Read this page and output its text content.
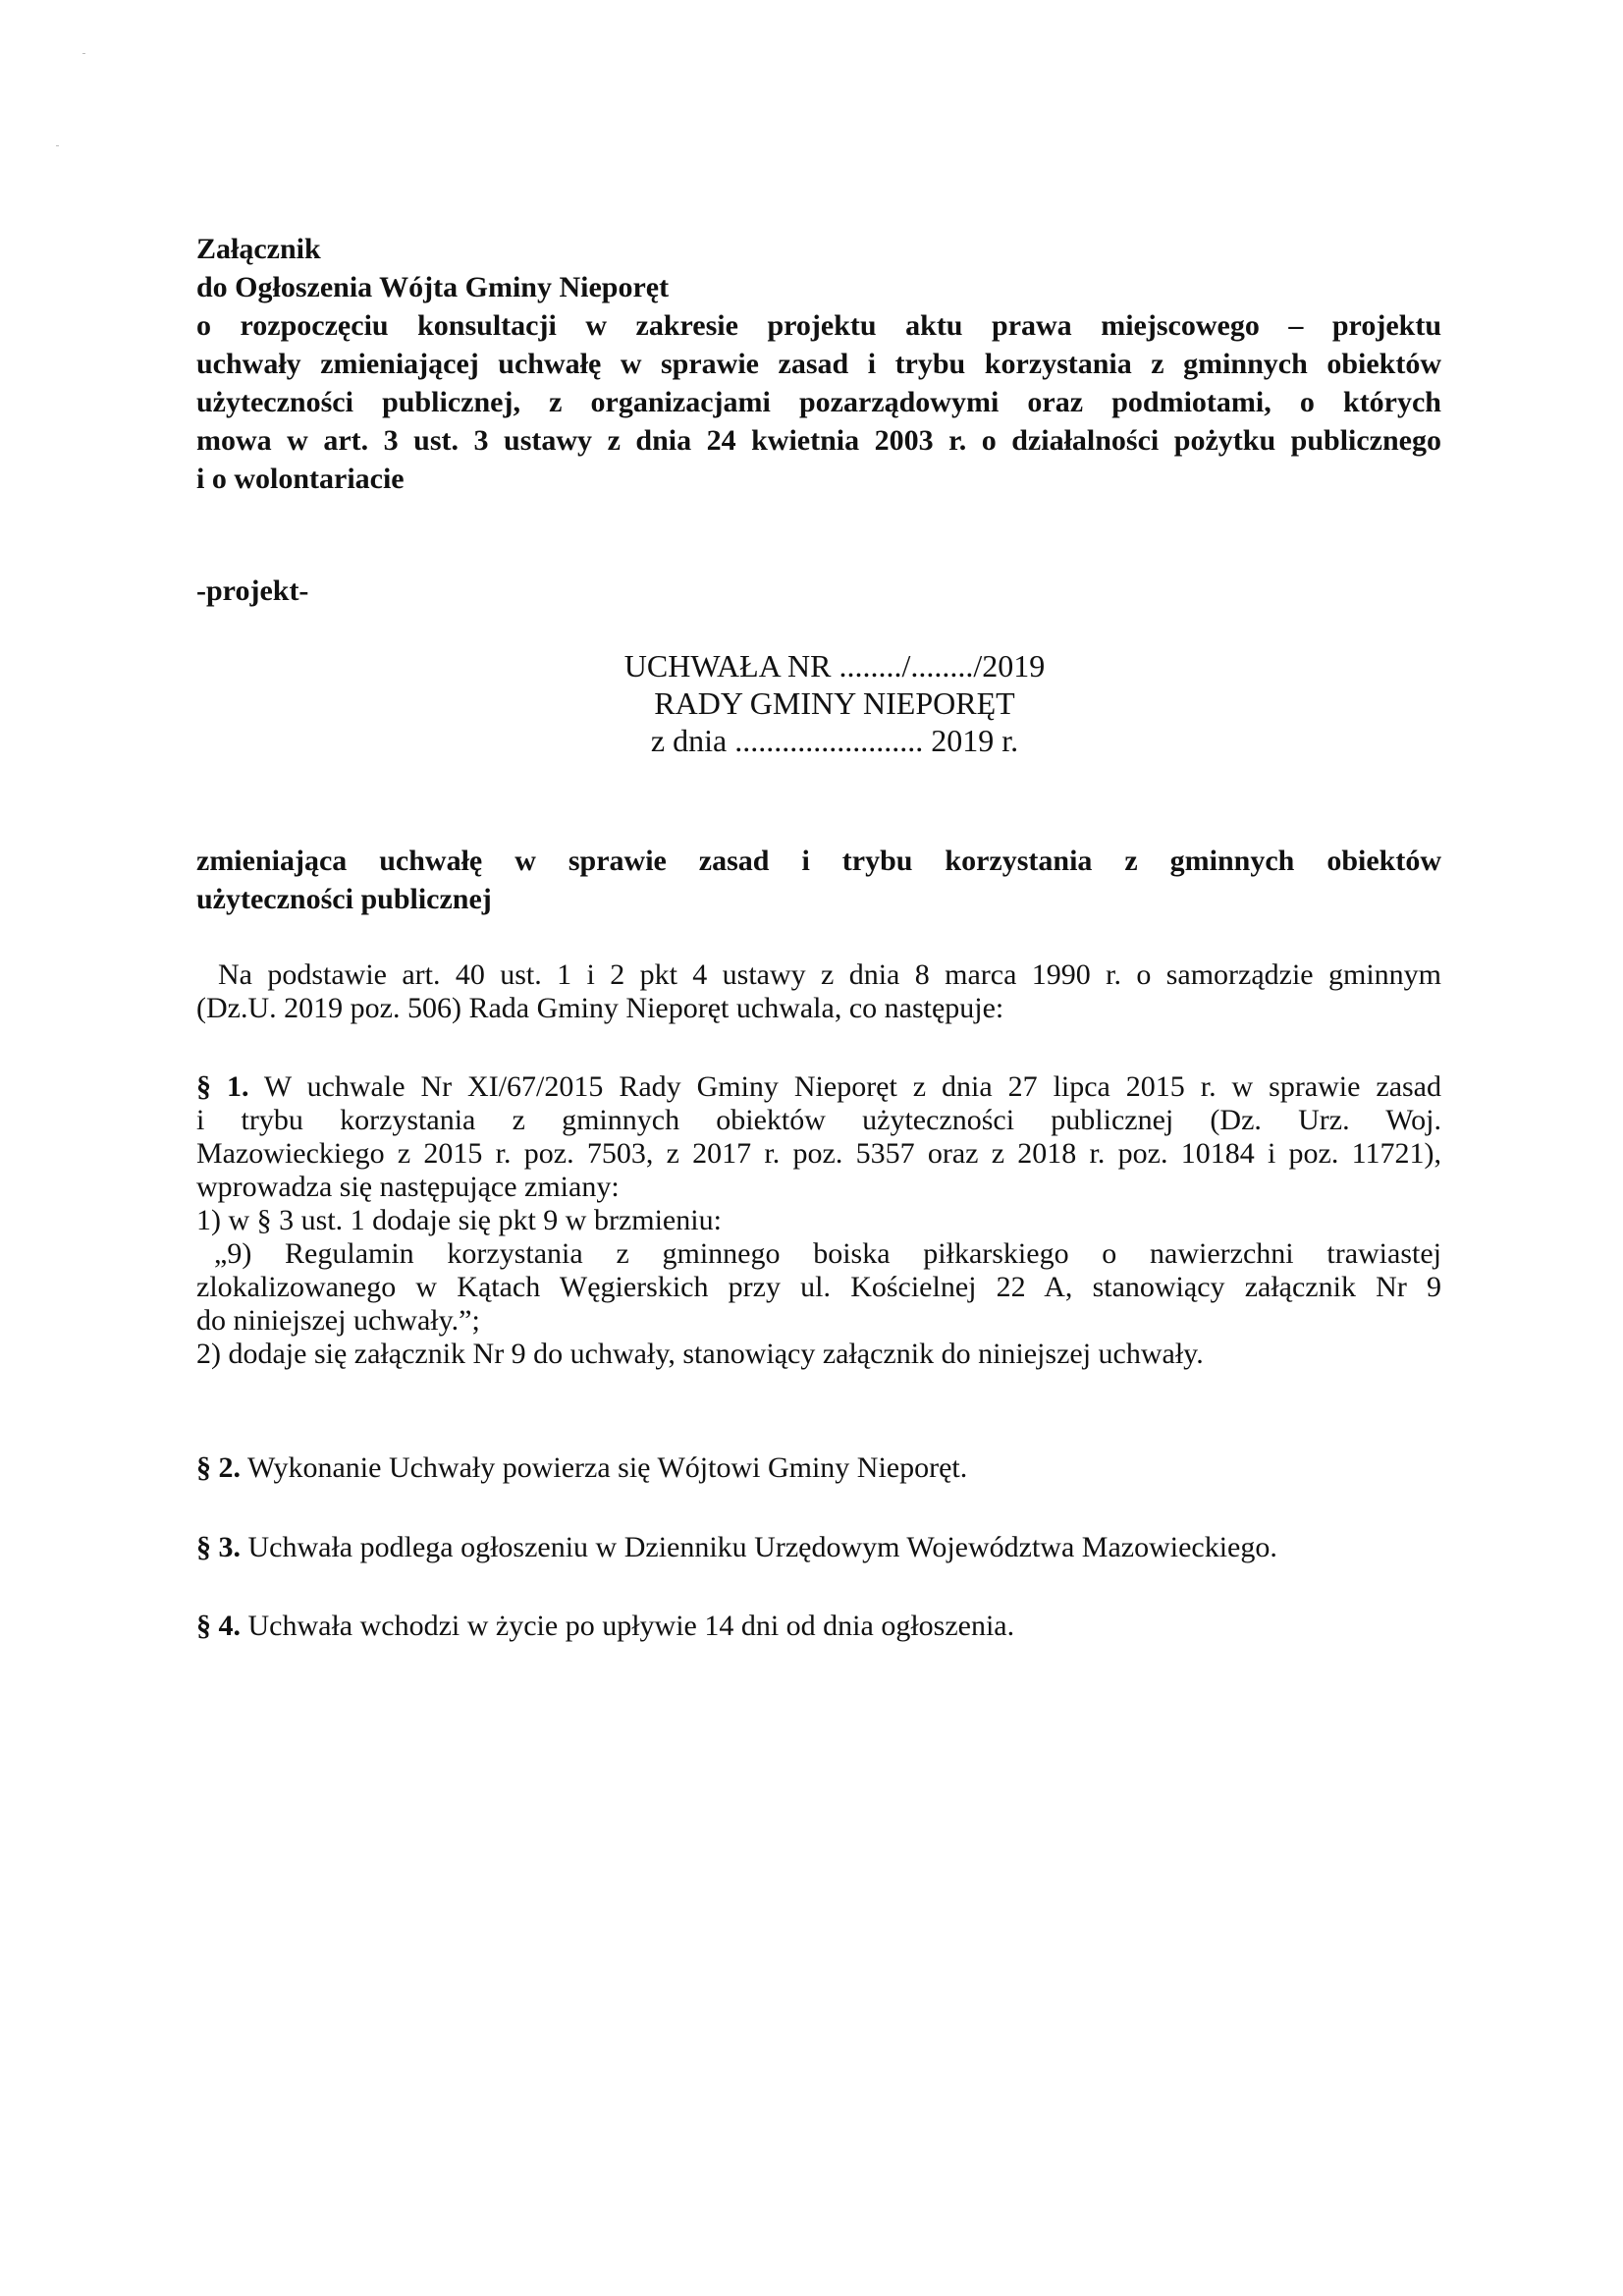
Załącznik
do Ogłoszenia Wójta Gminy Nieporęt
o rozpoczęciu konsultacji w zakresie projektu aktu prawa miejscowego – projektu
uchwały zmieniającej uchwałę w sprawie zasad i trybu korzystania z gminnych obiektów
użyteczności publicznej, z organizacjami pozarządowymi oraz podmiotami, o których
mowa w art. 3 ust. 3 ustawy z dnia 24 kwietnia 2003 r. o działalności pożytku publicznego
i o wolontariacie
-projekt-
UCHWAŁA NR ......../......../2019
RADY GMINY NIEPORĘT
z dnia ........................ 2019 r.
zmieniająca uchwałę w sprawie zasad i trybu korzystania z gminnych obiektów
użyteczności publicznej
Na podstawie art. 40 ust. 1 i 2 pkt 4 ustawy z dnia 8 marca 1990 r. o samorządzie gminnym
(Dz.U. 2019 poz. 506) Rada Gminy Nieporęt uchwala, co następuje:
§ 1. W uchwale Nr XI/67/2015 Rady Gminy Nieporęt z dnia 27 lipca 2015 r. w sprawie zasad
i trybu korzystania z gminnych obiektów użyteczności publicznej (Dz. Urz. Woj.
Mazowieckiego z 2015 r. poz. 7503, z 2017 r. poz. 5357 oraz z 2018 r. poz. 10184 i poz. 11721),
wprowadza się następujące zmiany:
1) w § 3 ust. 1 dodaje się pkt 9 w brzmieniu:
„9) Regulamin korzystania z gminnego boiska piłkarskiego o nawierzchni trawiastej
zlokalizowanego w Kątach Węgierskich przy ul. Kościelnej 22 A, stanowiący załącznik Nr 9
do niniejszej uchwały.”;
2) dodaje się załącznik Nr 9 do uchwały, stanowiący załącznik do niniejszej uchwały.
§ 2. Wykonanie Uchwały powierza się Wójtowi Gminy Nieporęt.
§ 3. Uchwała podlega ogłoszeniu w Dzienniku Urzędowym Województwa Mazowieckiego.
§ 4. Uchwała wchodzi w życie po upływie 14 dni od dnia ogłoszenia.
